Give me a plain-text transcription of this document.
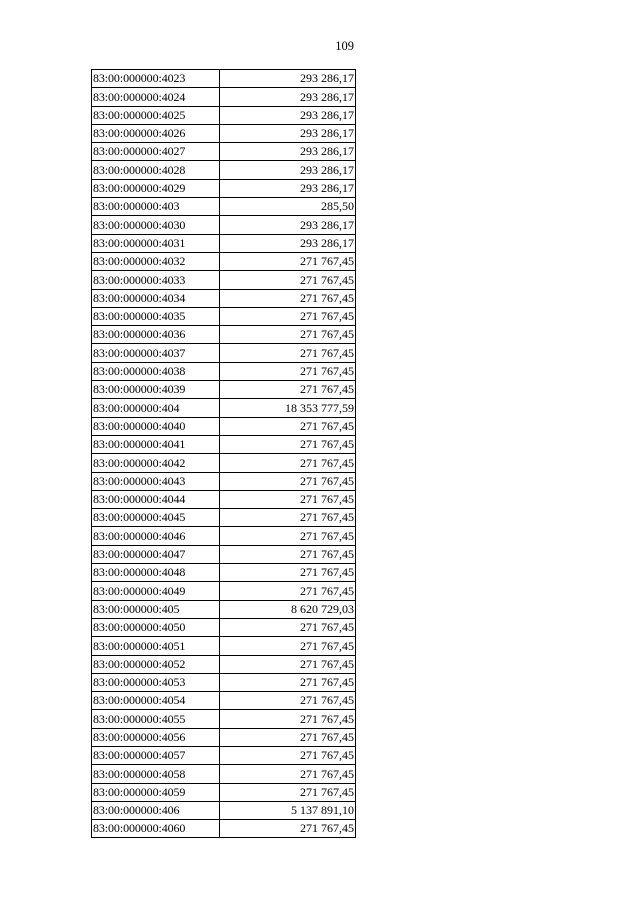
109
83:00:000000:4023	293 286,17
83:00:000000:4024	293 286,17
83:00:000000:4025	293 286,17
83:00:000000:4026	293 286,17
83:00:000000:4027	293 286,17
83:00:000000:4028	293 286,17
83:00:000000:4029	293 286,17
83:00:000000:403	285,50
83:00:000000:4030	293 286,17
83:00:000000:4031	293 286,17
83:00:000000:4032	271 767,45
83:00:000000:4033	271 767,45
83:00:000000:4034	271 767,45
83:00:000000:4035	271 767,45
83:00:000000:4036	271 767,45
83:00:000000:4037	271 767,45
83:00:000000:4038	271 767,45
83:00:000000:4039	271 767,45
83:00:000000:404	18 353 777,59
83:00:000000:4040	271 767,45
83:00:000000:4041	271 767,45
83:00:000000:4042	271 767,45
83:00:000000:4043	271 767,45
83:00:000000:4044	271 767,45
83:00:000000:4045	271 767,45
83:00:000000:4046	271 767,45
83:00:000000:4047	271 767,45
83:00:000000:4048	271 767,45
83:00:000000:4049	271 767,45
83:00:000000:405	8 620 729,03
83:00:000000:4050	271 767,45
83:00:000000:4051	271 767,45
83:00:000000:4052	271 767,45
83:00:000000:4053	271 767,45
83:00:000000:4054	271 767,45
83:00:000000:4055	271 767,45
83:00:000000:4056	271 767,45
83:00:000000:4057	271 767,45
83:00:000000:4058	271 767,45
83:00:000000:4059	271 767,45
83:00:000000:406	5 137 891,10
83:00:000000:4060	271 767,45
